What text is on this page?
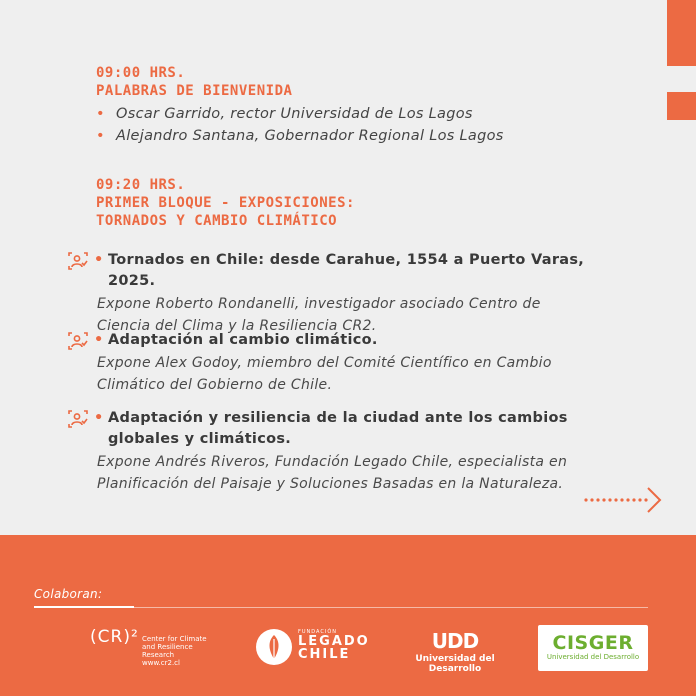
09:00 HRS.
PALABRAS DE BIENVENIDA
• Oscar Garrido, rector Universidad de Los Lagos
• Alejandro Santana, Gobernador Regional Los Lagos
09:20 HRS.
PRIMER BLOQUE - EXPOSICIONES:
TORNADOS Y CAMBIO CLIMÁTICO
• Tornados en Chile: desde Carahue, 1554 a Puerto Varas, 2025.
Expone Roberto Rondanelli, investigador asociado Centro de
Ciencia del Clima y la Resiliencia CR2.
• Adaptación al cambio climático.
Expone Alex Godoy, miembro del Comité Científico en Cambio
Climático del Gobierno de Chile.
• Adaptación y resiliencia de la ciudad ante los cambios
globales y climáticos.
Expone Andrés Riveros, Fundación Legado Chile, especialista en
Planificación del Paisaje y Soluciones Basadas en la Naturaleza.
Colaboran:
(CR)² Center for Climate
and Resilience Research
www.cr2.cl
FUNDACIÓN
LEGADO
CHILE
UDD
Universidad del Desarrollo
CISGER
Universidad del Desarrollo
